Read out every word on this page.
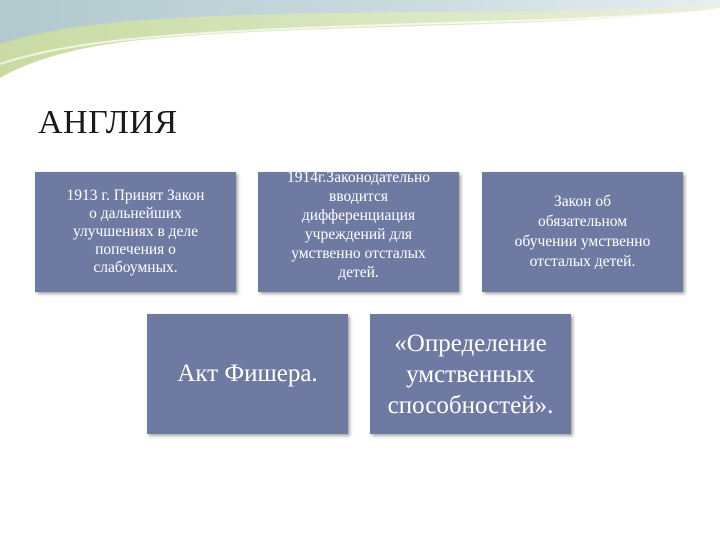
АНГЛИЯ
1913 г. Принят Закон
о дальнейших
улучшениях в деле
попечения о
слабоумных.
1914г.Законодательно
вводится
дифференциация
учреждений для
умственно отсталых
детей.
Закон об
обязательном
обучении умственно
отсталых детей.
Акт Фишера.
«Определение
умственных
способностей».
